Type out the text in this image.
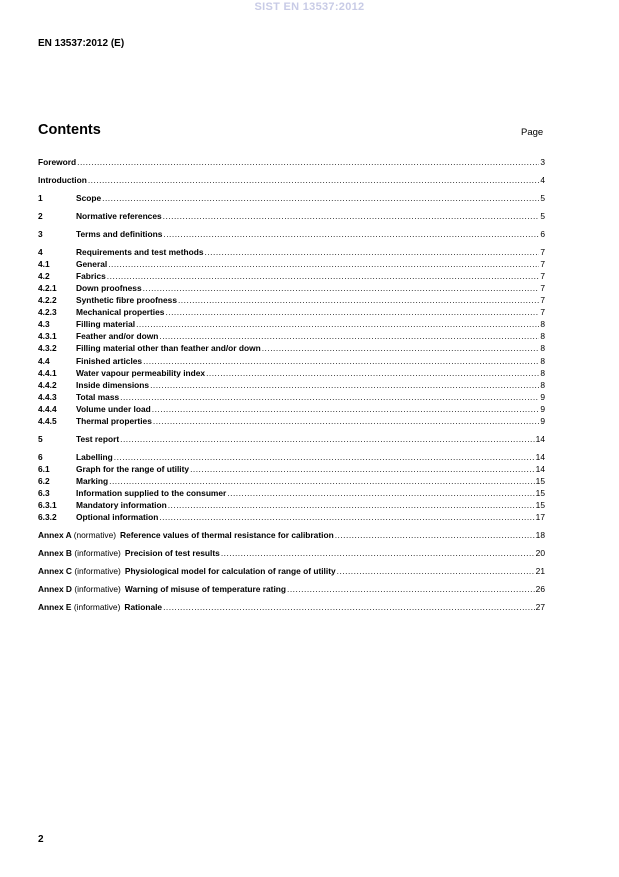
SIST EN 13537:2012
EN 13537:2012 (E)
Contents	Page
Foreword .....	3
Introduction .....	4
1	Scope .....	5
2	Normative references .....	5
3	Terms and definitions .....	6
4	Requirements and test methods .....	7
4.1	General .....	7
4.2	Fabrics .....	7
4.2.1	Down proofness .....	7
4.2.2	Synthetic fibre proofness .....	7
4.2.3	Mechanical properties .....	7
4.3	Filling material .....	8
4.3.1	Feather and/or down .....	8
4.3.2	Filling material other than feather and/or down .....	8
4.4	Finished articles .....	8
4.4.1	Water vapour permeability index .....	8
4.4.2	Inside dimensions .....	8
4.4.3	Total mass .....	9
4.4.4	Volume under load .....	9
4.4.5	Thermal properties .....	9
5	Test report .....	14
6	Labelling .....	14
6.1	Graph for the range of utility .....	14
6.2	Marking .....	15
6.3	Information supplied to the consumer .....	15
6.3.1	Mandatory information .....	15
6.3.2	Optional information .....	17
Annex A (normative) Reference values of thermal resistance for calibration .....	18
Annex B (informative) Precision of test results .....	20
Annex C (informative) Physiological model for calculation of range of utility .....	21
Annex D (informative) Warning of misuse of temperature rating .....	26
Annex E (informative) Rationale .....	27
2
